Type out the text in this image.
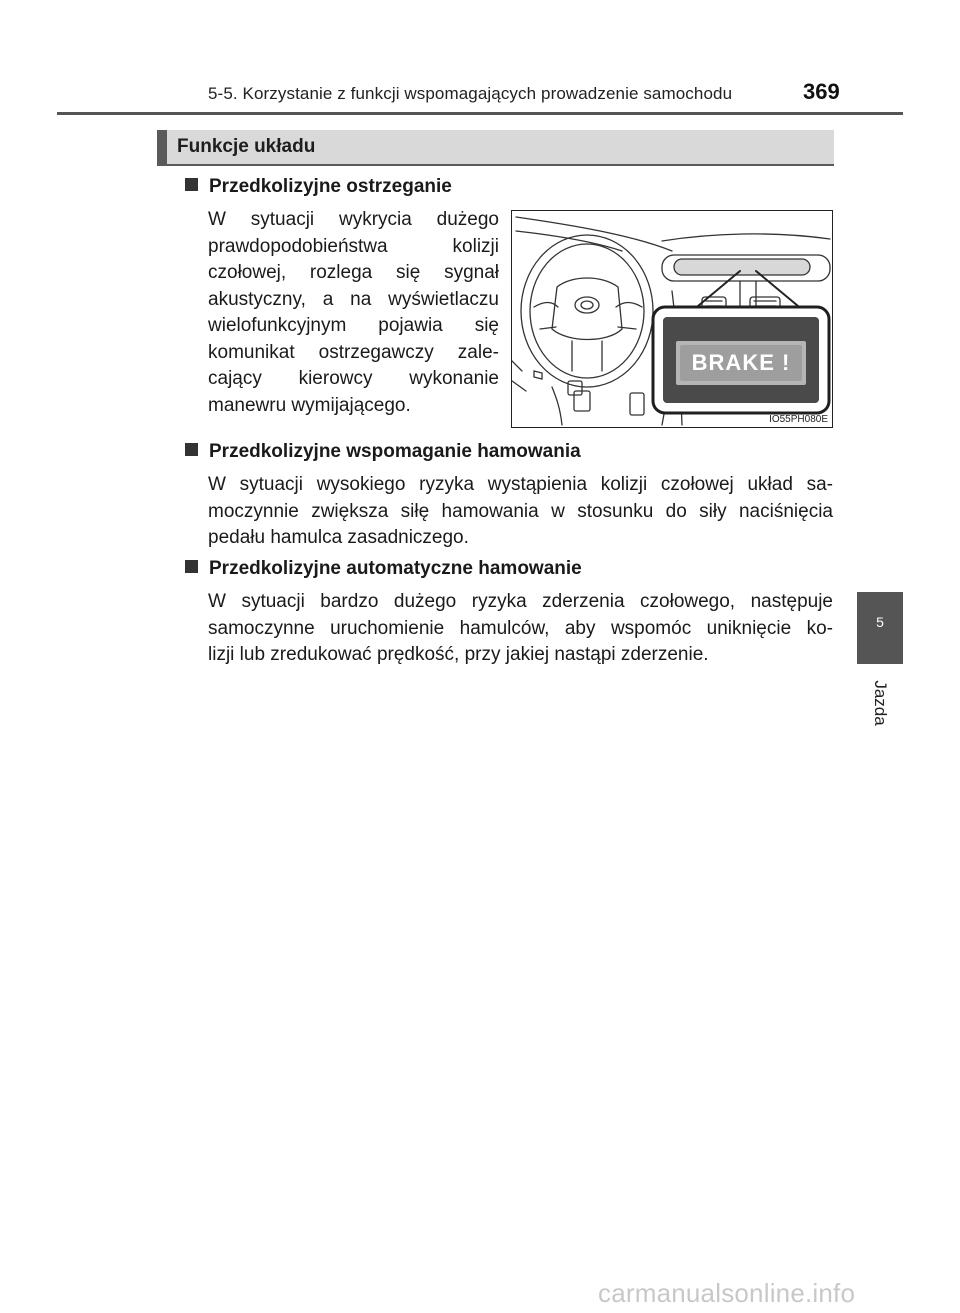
5-5. Korzystanie z funkcji wspomagających prowadzenie samochodu	369
Funkcje układu
Przedkolizyjne ostrzeganie
W sytuacji wykrycia dużego
prawdopodobieństwa kolizji
czołowej, rozlega się sygnał
akustyczny, a na wyświetlaczu
wielofunkcyjnym pojawia się
komunikat ostrzegawczy zale-
cający kierowcy wykonanie
manewru wymijającego.
BRAKE !
IO55PH080E
Przedkolizyjne wspomaganie hamowania
W sytuacji wysokiego ryzyka wystąpienia kolizji czołowej układ sa-
moczynnie zwiększa siłę hamowania w stosunku do siły naciśnięcia
pedału hamulca zasadniczego.
Przedkolizyjne automatyczne hamowanie
W sytuacji bardzo dużego ryzyka zderzenia czołowego, następuje
samoczynne uruchomienie hamulców, aby wspomóc uniknięcie ko-
lizji lub zredukować prędkość, przy jakiej nastąpi zderzenie.
5
Jazda
carmanualsonline.info
